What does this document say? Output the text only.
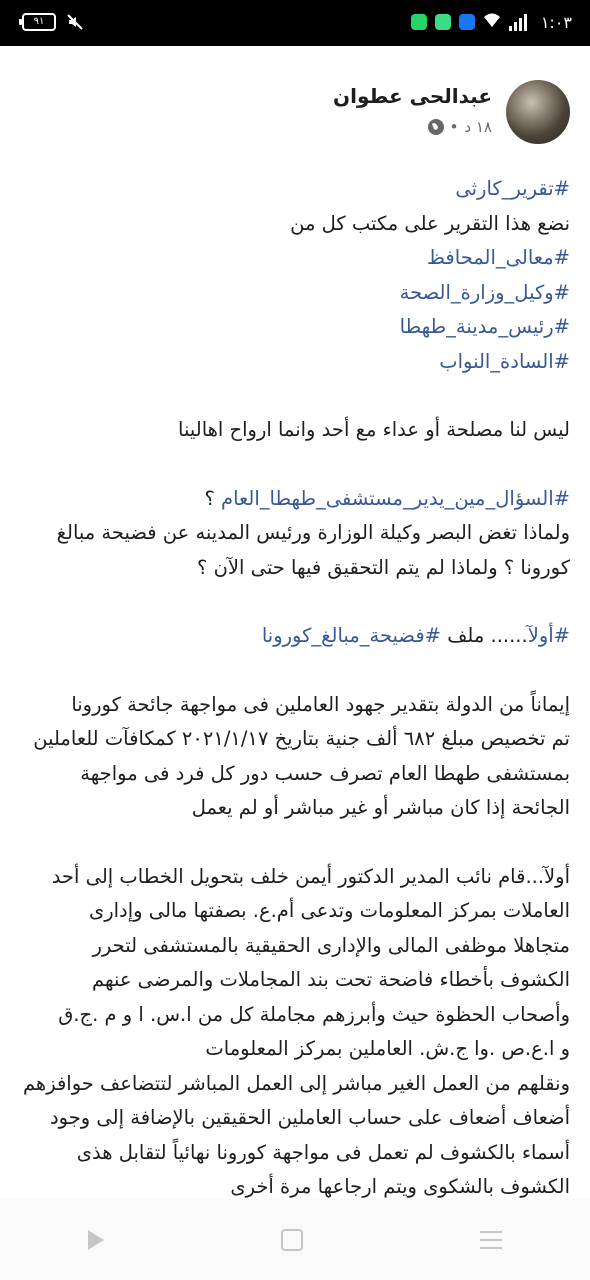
٩١	١:٠٣
عبدالحى عطوان
١٨ د
•
#تقرير_كارثى
نضع هذا التقرير على مكتب كل من
#معالى_المحافظ
#وكيل_وزارة_الصحة
#رئيس_مدينة_طهطا
#السادة_النواب
ليس لنا مصلحة أو عداء مع أحد وانما ارواح اهالينا
#السؤال_مين_يدير_مستشفى_طهطا_العام ؟
ولماذا تغض البصر وكيلة الوزارة ورئيس المدينه عن فضيحة مبالغ
كورونا ؟ ولماذا لم يتم التحقيق فيها حتى الآن ؟
#أولآ...... ملف #فضيحة_مبالغ_كورونا
إيماناً من الدولة بتقدير جهود العاملين فى مواجهة جائحة كورونا
تم تخصيص مبلغ ٦٨٢ ألف جنية بتاريخ ٢٠٢١/١/١٧ كمكافآت للعاملين
بمستشفى طهطا العام تصرف حسب دور كل فرد فى مواجهة
الجائحة إذا كان مباشر أو غير مباشر أو لم يعمل
أولآ...قام نائب المدير الدكتور أيمن خلف بتحويل الخطاب إلى أحد
العاملات بمركز المعلومات وتدعى أم.ع. بصفتها مالى وإدارى
متجاهلا موظفى المالى والإدارى الحقيقية بالمستشفى لتحرر
الكشوف بأخطاء فاضحة تحت بند المجاملات والمرضى عنهم
وأصحاب الحظوة حيث وأبرزهم مجاملة كل من ا.س. ا و م .ج.ق
و ا.ع.ص .وا ج.ش. العاملين بمركز المعلومات
ونقلهم من العمل الغير مباشر إلى العمل المباشر لتتضاعف حوافزهم
أضعاف أضعاف على حساب العاملين الحقيقين بالإضافة إلى وجود
أسماء بالكشوف لم تعمل فى مواجهة كورونا نهائياً لتقابل هذى
الكشوف بالشكوى ويتم ارجاعها مرة أخرى
